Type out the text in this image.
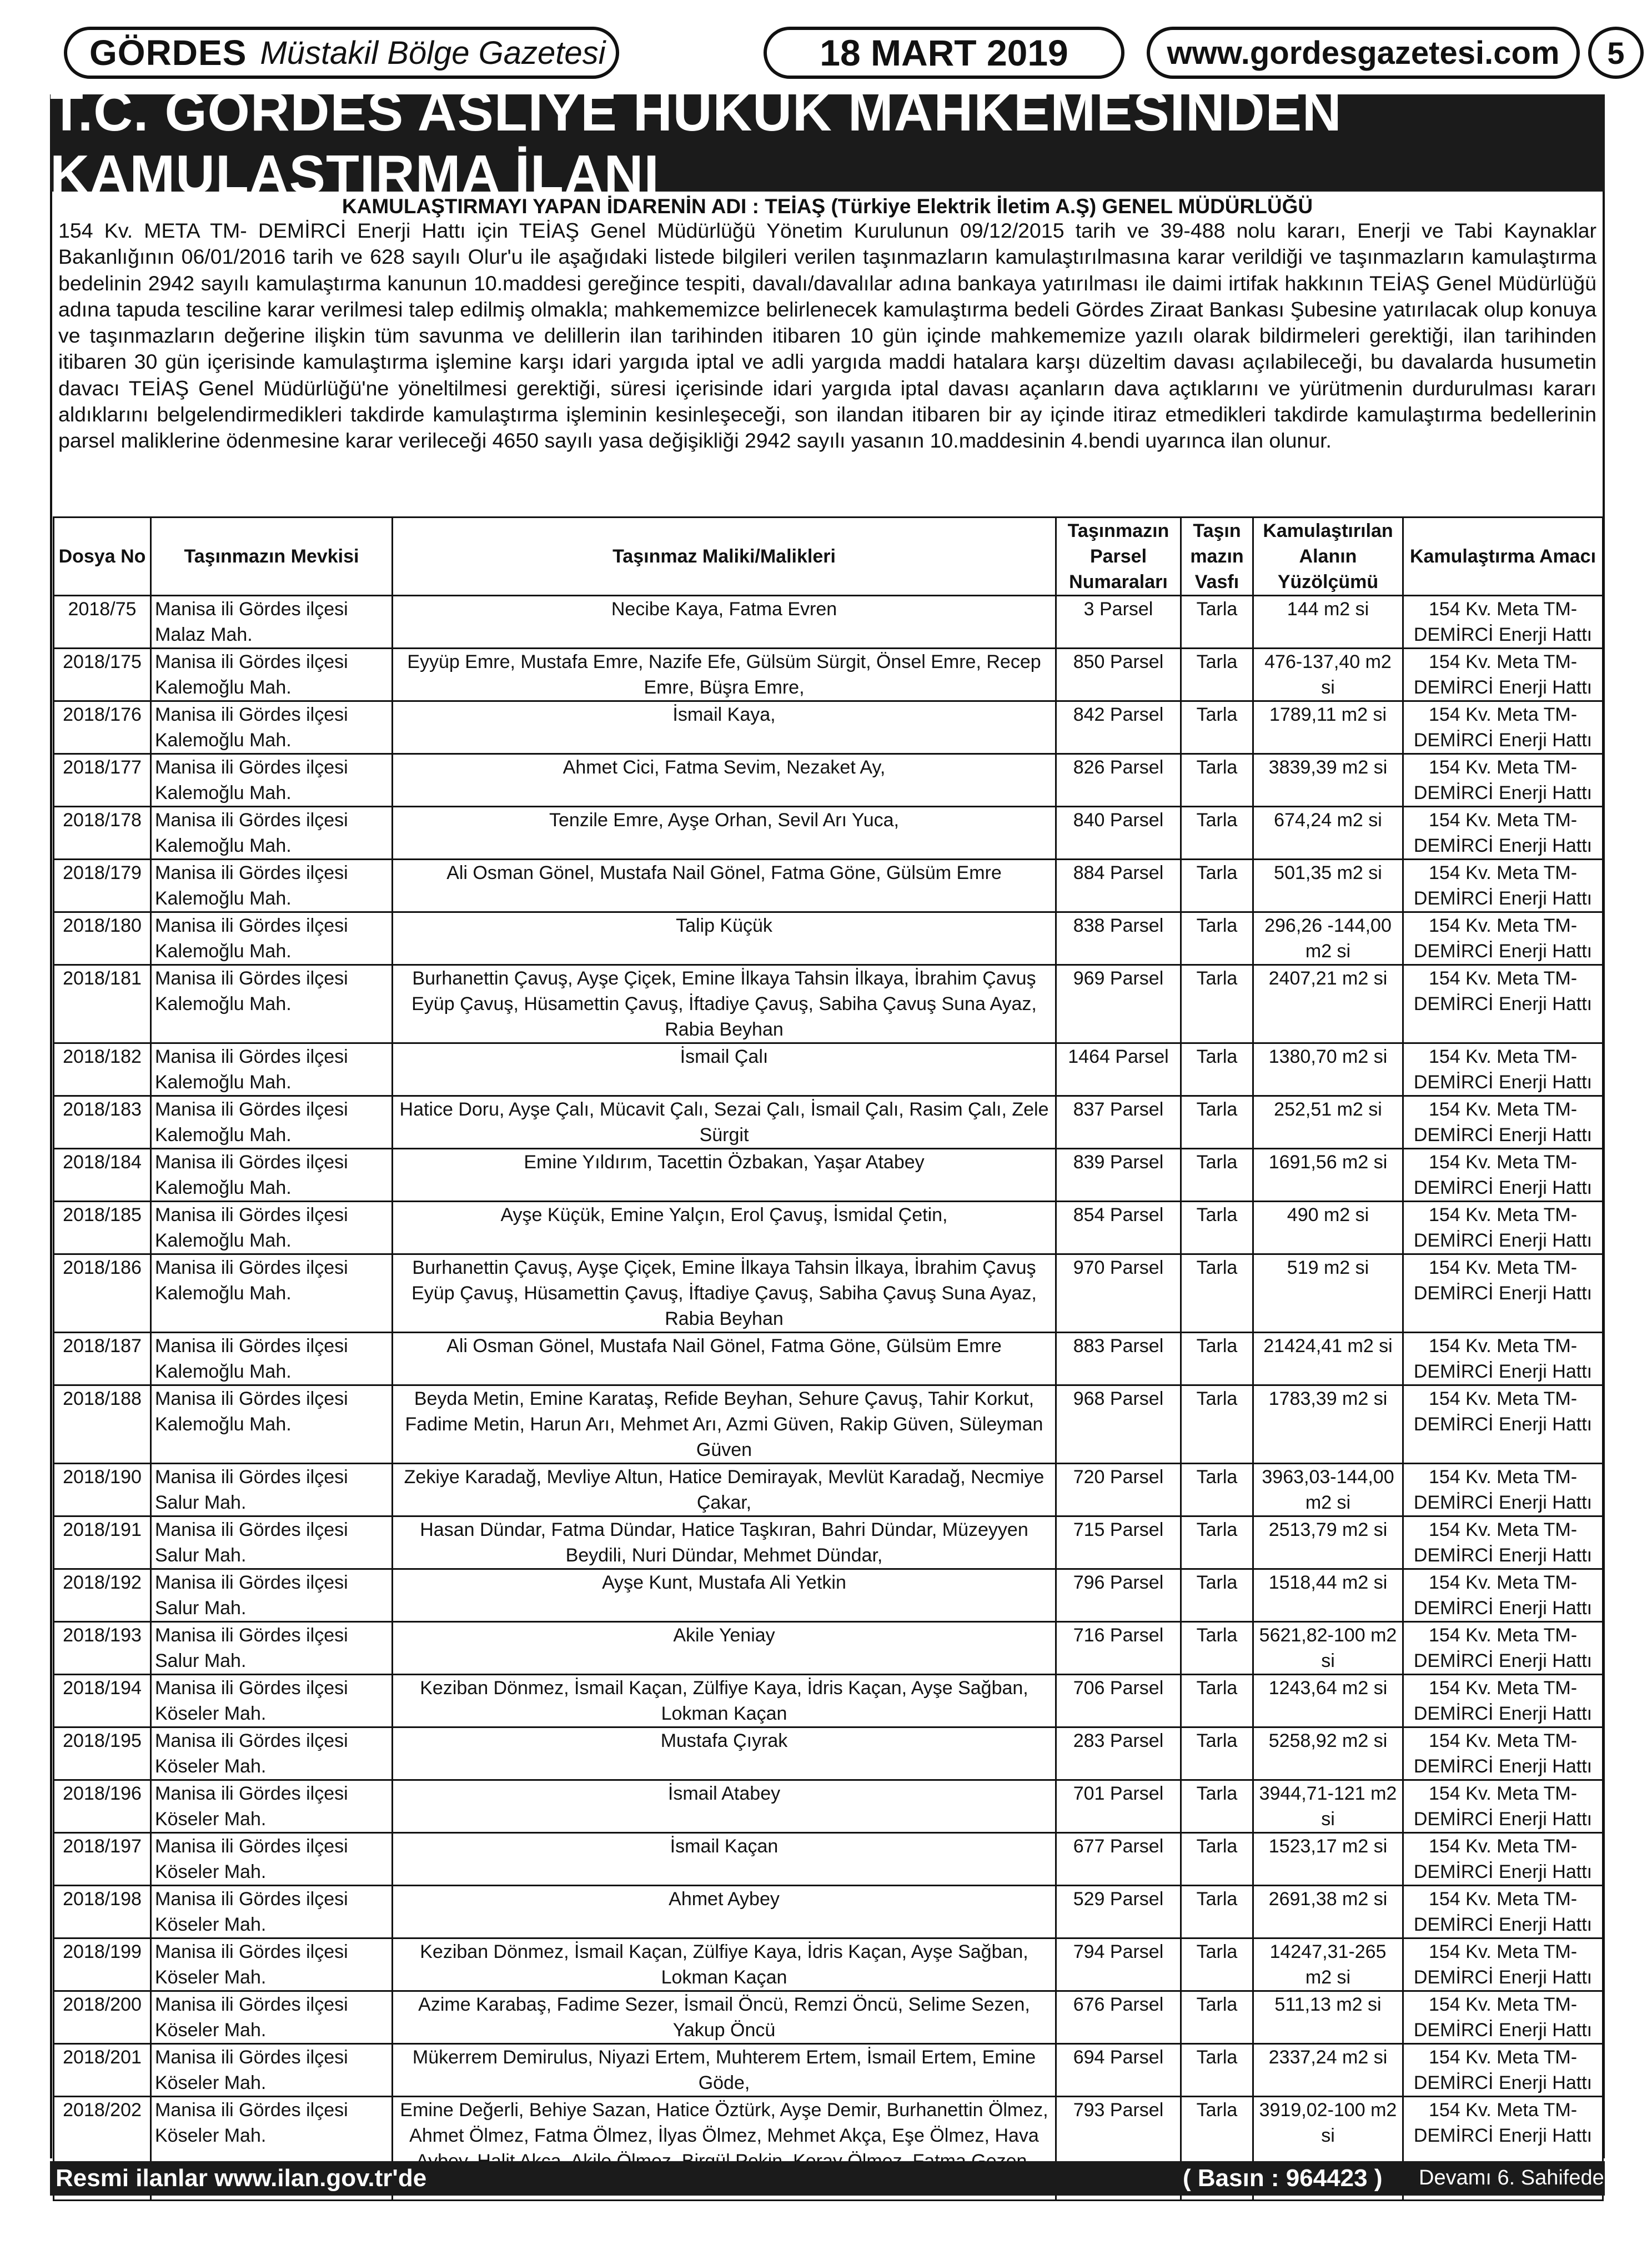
GÖRDES Müstakil Bölge Gazetesi	18 MART 2019	www.gordesgazetesi.com	5
T.C. GÖRDES ASLİYE HUKUK MAHKEMESİNDEN KAMULAŞTIRMA İLANI
KAMULAŞTIRMAYI YAPAN İDARENİN ADI : TEİAŞ (Türkiye Elektrik İletim A.Ş) GENEL MÜDÜRLÜĞÜ
154 Kv. META TM- DEMİRCİ Enerji Hattı için TEİAŞ Genel Müdürlüğü Yönetim Kurulunun 09/12/2015 tarih ve 39-488 nolu kararı, Enerji ve Tabi Kaynaklar Bakanlığının 06/01/2016 tarih ve 628 sayılı Olur'u ile aşağıdaki listede bilgileri verilen taşınmazların kamulaştırılmasına karar verildiği ve taşınmazların kamulaştırma bedelinin 2942 sayılı kamulaştırma kanunun 10.maddesi gereğince tespiti, davalı/davalılar adına bankaya yatırılması ile daimi irtifak hakkının TEİAŞ Genel Müdürlüğü adına tapuda tesciline karar verilmesi talep edilmiş olmakla; mahkememizce belirlenecek kamulaştırma bedeli Gördes Ziraat Bankası Şubesine yatırılacak olup konuya ve taşınmazların değerine ilişkin tüm savunma ve delillerin ilan tarihinden itibaren 10 gün içinde mahkememize yazılı olarak bildirmeleri gerektiği, ilan tarihinden itibaren 30 gün içerisinde kamulaştırma işlemine karşı idari yargıda iptal ve adli yargıda maddi hatalara karşı düzeltim davası açılabileceği, bu davalarda husumetin davacı TEİAŞ Genel Müdürlüğü'ne yöneltilmesi gerektiği, süresi içerisinde idari yargıda iptal davası açanların dava açtıklarını ve yürütmenin durdurulması kararı aldıklarını belgelendirmedikleri takdirde kamulaştırma işleminin kesinleşeceği, son ilandan itibaren bir ay içinde itiraz etmedikleri takdirde kamulaştırma bedellerinin parsel maliklerine ödenmesine karar verileceği 4650 sayılı yasa değişikliği 2942 sayılı yasanın 10.maddesinin 4.bendi uyarınca ilan olunur.
Dosya No	Taşınmazın Mevkisi	Taşınmaz Maliki/Malikleri	Taşınmazın Parsel Numaraları	Taşın mazın Vasfı	Kamulaştırılan Alanın Yüzölçümü	Kamulaştırma Amacı
2018/75	Manisa ili Gördes ilçesi Malaz Mah.	Necibe Kaya, Fatma Evren	3 Parsel	Tarla	144 m2 si	154 Kv. Meta TM- DEMİRCİ Enerji Hattı
2018/175	Manisa ili Gördes ilçesi Kalemoğlu Mah.	Eyyüp Emre, Mustafa Emre, Nazife Efe, Gülsüm Sürgit, Önsel Emre, Recep Emre, Büşra Emre,	850 Parsel	Tarla	476-137,40 m2 si	154 Kv. Meta TM- DEMİRCİ Enerji Hattı
2018/176	Manisa ili Gördes ilçesi Kalemoğlu Mah.	İsmail Kaya,	842 Parsel	Tarla	1789,11 m2 si	154 Kv. Meta TM- DEMİRCİ Enerji Hattı
2018/177	Manisa ili Gördes ilçesi Kalemoğlu Mah.	Ahmet Cici, Fatma Sevim, Nezaket Ay,	826 Parsel	Tarla	3839,39 m2 si	154 Kv. Meta TM- DEMİRCİ Enerji Hattı
2018/178	Manisa ili Gördes ilçesi Kalemoğlu Mah.	Tenzile Emre, Ayşe Orhan, Sevil Arı Yuca,	840 Parsel	Tarla	674,24 m2 si	154 Kv. Meta TM- DEMİRCİ Enerji Hattı
2018/179	Manisa ili Gördes ilçesi Kalemoğlu Mah.	Ali Osman Gönel, Mustafa Nail Gönel, Fatma Göne, Gülsüm Emre	884 Parsel	Tarla	501,35 m2 si	154 Kv. Meta TM- DEMİRCİ Enerji Hattı
2018/180	Manisa ili Gördes ilçesi Kalemoğlu Mah.	Talip Küçük	838 Parsel	Tarla	296,26 -144,00 m2 si	154 Kv. Meta TM- DEMİRCİ Enerji Hattı
2018/181	Manisa ili Gördes ilçesi Kalemoğlu Mah.	Burhanettin Çavuş, Ayşe Çiçek, Emine İlkaya Tahsin İlkaya, İbrahim Çavuş Eyüp Çavuş, Hüsamettin Çavuş, İftadiye Çavuş, Sabiha Çavuş Suna Ayaz, Rabia Beyhan	969 Parsel	Tarla	2407,21 m2 si	154 Kv. Meta TM- DEMİRCİ Enerji Hattı
2018/182	Manisa ili Gördes ilçesi Kalemoğlu Mah.	İsmail Çalı	1464 Parsel	Tarla	1380,70 m2 si	154 Kv. Meta TM- DEMİRCİ Enerji Hattı
2018/183	Manisa ili Gördes ilçesi Kalemoğlu Mah.	Hatice Doru, Ayşe Çalı, Mücavit Çalı, Sezai Çalı, İsmail Çalı, Rasim Çalı, Zele Sürgit	837 Parsel	Tarla	252,51 m2 si	154 Kv. Meta TM- DEMİRCİ Enerji Hattı
2018/184	Manisa ili Gördes ilçesi Kalemoğlu Mah.	Emine Yıldırım, Tacettin Özbakan, Yaşar Atabey	839 Parsel	Tarla	1691,56 m2 si	154 Kv. Meta TM- DEMİRCİ Enerji Hattı
2018/185	Manisa ili Gördes ilçesi Kalemoğlu Mah.	Ayşe Küçük, Emine Yalçın, Erol Çavuş, İsmidal Çetin,	854 Parsel	Tarla	490 m2 si	154 Kv. Meta TM- DEMİRCİ Enerji Hattı
2018/186	Manisa ili Gördes ilçesi Kalemoğlu Mah.	Burhanettin Çavuş, Ayşe Çiçek, Emine İlkaya Tahsin İlkaya, İbrahim Çavuş Eyüp Çavuş, Hüsamettin Çavuş, İftadiye Çavuş, Sabiha Çavuş Suna Ayaz, Rabia Beyhan	970 Parsel	Tarla	519 m2 si	154 Kv. Meta TM- DEMİRCİ Enerji Hattı
2018/187	Manisa ili Gördes ilçesi Kalemoğlu Mah.	Ali Osman Gönel, Mustafa Nail Gönel, Fatma Göne, Gülsüm Emre	883 Parsel	Tarla	21424,41 m2 si	154 Kv. Meta TM- DEMİRCİ Enerji Hattı
2018/188	Manisa ili Gördes ilçesi Kalemoğlu Mah.	Beyda Metin, Emine Karataş, Refide Beyhan, Sehure Çavuş, Tahir Korkut, Fadime Metin, Harun Arı, Mehmet Arı, Azmi Güven, Rakip Güven, Süleyman Güven	968 Parsel	Tarla	1783,39 m2 si	154 Kv. Meta TM- DEMİRCİ Enerji Hattı
2018/190	Manisa ili Gördes ilçesi Salur Mah.	Zekiye Karadağ, Mevliye Altun, Hatice Demirayak, Mevlüt Karadağ, Necmiye Çakar,	720 Parsel	Tarla	3963,03-144,00 m2 si	154 Kv. Meta TM- DEMİRCİ Enerji Hattı
2018/191	Manisa ili Gördes ilçesi Salur Mah.	Hasan Dündar, Fatma Dündar, Hatice Taşkıran, Bahri Dündar, Müzeyyen Beydili, Nuri Dündar, Mehmet Dündar,	715 Parsel	Tarla	2513,79 m2 si	154 Kv. Meta TM- DEMİRCİ Enerji Hattı
2018/192	Manisa ili Gördes ilçesi Salur Mah.	Ayşe Kunt, Mustafa Ali Yetkin	796 Parsel	Tarla	1518,44 m2 si	154 Kv. Meta TM- DEMİRCİ Enerji Hattı
2018/193	Manisa ili Gördes ilçesi Salur Mah.	Akile Yeniay	716 Parsel	Tarla	5621,82-100 m2 si	154 Kv. Meta TM- DEMİRCİ Enerji Hattı
2018/194	Manisa ili Gördes ilçesi Köseler Mah.	Keziban Dönmez, İsmail Kaçan, Zülfiye Kaya, İdris Kaçan, Ayşe Sağban, Lokman Kaçan	706 Parsel	Tarla	1243,64 m2 si	154 Kv. Meta TM- DEMİRCİ Enerji Hattı
2018/195	Manisa ili Gördes ilçesi Köseler Mah.	Mustafa Çıyrak	283 Parsel	Tarla	5258,92 m2 si	154 Kv. Meta TM- DEMİRCİ Enerji Hattı
2018/196	Manisa ili Gördes ilçesi Köseler Mah.	İsmail Atabey	701 Parsel	Tarla	3944,71-121 m2 si	154 Kv. Meta TM- DEMİRCİ Enerji Hattı
2018/197	Manisa ili Gördes ilçesi Köseler Mah.	İsmail Kaçan	677 Parsel	Tarla	1523,17 m2 si	154 Kv. Meta TM- DEMİRCİ Enerji Hattı
2018/198	Manisa ili Gördes ilçesi Köseler Mah.	Ahmet Aybey	529 Parsel	Tarla	2691,38 m2 si	154 Kv. Meta TM- DEMİRCİ Enerji Hattı
2018/199	Manisa ili Gördes ilçesi Köseler Mah.	Keziban Dönmez, İsmail Kaçan, Zülfiye Kaya, İdris Kaçan, Ayşe Sağban, Lokman Kaçan	794 Parsel	Tarla	14247,31-265 m2 si	154 Kv. Meta TM- DEMİRCİ Enerji Hattı
2018/200	Manisa ili Gördes ilçesi Köseler Mah.	Azime Karabaş, Fadime Sezer, İsmail Öncü, Remzi Öncü, Selime Sezen, Yakup Öncü	676 Parsel	Tarla	511,13 m2 si	154 Kv. Meta TM- DEMİRCİ Enerji Hattı
2018/201	Manisa ili Gördes ilçesi Köseler Mah.	Mükerrem Demirulus, Niyazi Ertem, Muhterem Ertem, İsmail Ertem, Emine Göde,	694 Parsel	Tarla	2337,24 m2 si	154 Kv. Meta TM- DEMİRCİ Enerji Hattı
2018/202	Manisa ili Gördes ilçesi Köseler Mah.	Emine Değerli, Behiye Sazan, Hatice Öztürk, Ayşe Demir, Burhanettin Ölmez, Ahmet Ölmez, Fatma Ölmez, İlyas Ölmez, Mehmet Akça, Eşe Ölmez, Hava	793 Parsel	Tarla	3919,02-100 m2 si	154 Kv. Meta TM- DEMİRCİ Enerji Hattı
Resmi ilanlar www.ilan.gov.tr'de	( Basın : 964423 ) Devamı 6. Sahifede
